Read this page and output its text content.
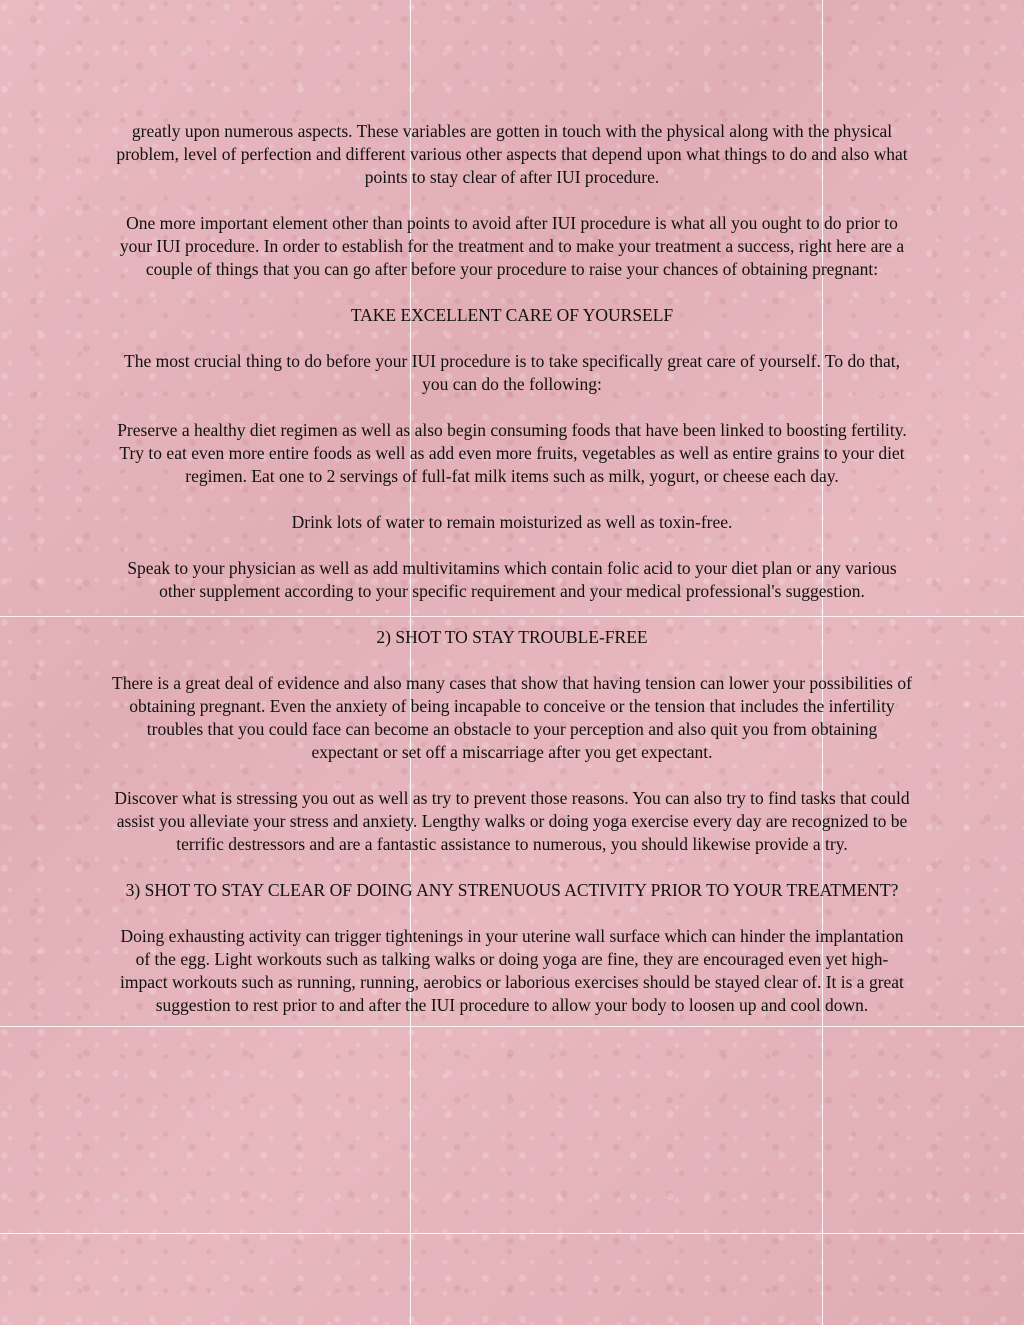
greatly upon numerous aspects. These variables are gotten in touch with the physical along with the physical problem, level of perfection and different various other aspects that depend upon what things to do and also what points to stay clear of after IUI procedure.

One more important element other than points to avoid after IUI procedure is what all you ought to do prior to your IUI procedure. In order to establish for the treatment and to make your treatment a success, right here are a couple of things that you can go after before your procedure to raise your chances of obtaining pregnant:

TAKE EXCELLENT CARE OF YOURSELF

The most crucial thing to do before your IUI procedure is to take specifically great care of yourself. To do that, you can do the following:

Preserve a healthy diet regimen as well as also begin consuming foods that have been linked to boosting fertility. Try to eat even more entire foods as well as add even more fruits, vegetables as well as entire grains to your diet regimen. Eat one to 2 servings of full-fat milk items such as milk, yogurt, or cheese each day.

Drink lots of water to remain moisturized as well as toxin-free.

Speak to your physician as well as add multivitamins which contain folic acid to your diet plan or any various other supplement according to your specific requirement and your medical professional's suggestion.

2) SHOT TO STAY TROUBLE-FREE

There is a great deal of evidence and also many cases that show that having tension can lower your possibilities of obtaining pregnant. Even the anxiety of being incapable to conceive or the tension that includes the infertility troubles that you could face can become an obstacle to your perception and also quit you from obtaining expectant or set off a miscarriage after you get expectant.

Discover what is stressing you out as well as try to prevent those reasons. You can also try to find tasks that could assist you alleviate your stress and anxiety. Lengthy walks or doing yoga exercise every day are recognized to be terrific destressors and are a fantastic assistance to numerous, you should likewise provide a try.

3) SHOT TO STAY CLEAR OF DOING ANY STRENUOUS ACTIVITY PRIOR TO YOUR TREATMENT?

Doing exhausting activity can trigger tightenings in your uterine wall surface which can hinder the implantation of the egg. Light workouts such as talking walks or doing yoga are fine, they are encouraged even yet high-impact workouts such as running, running, aerobics or laborious exercises should be stayed clear of. It is a great suggestion to rest prior to and after the IUI procedure to allow your body to loosen up and cool down.
